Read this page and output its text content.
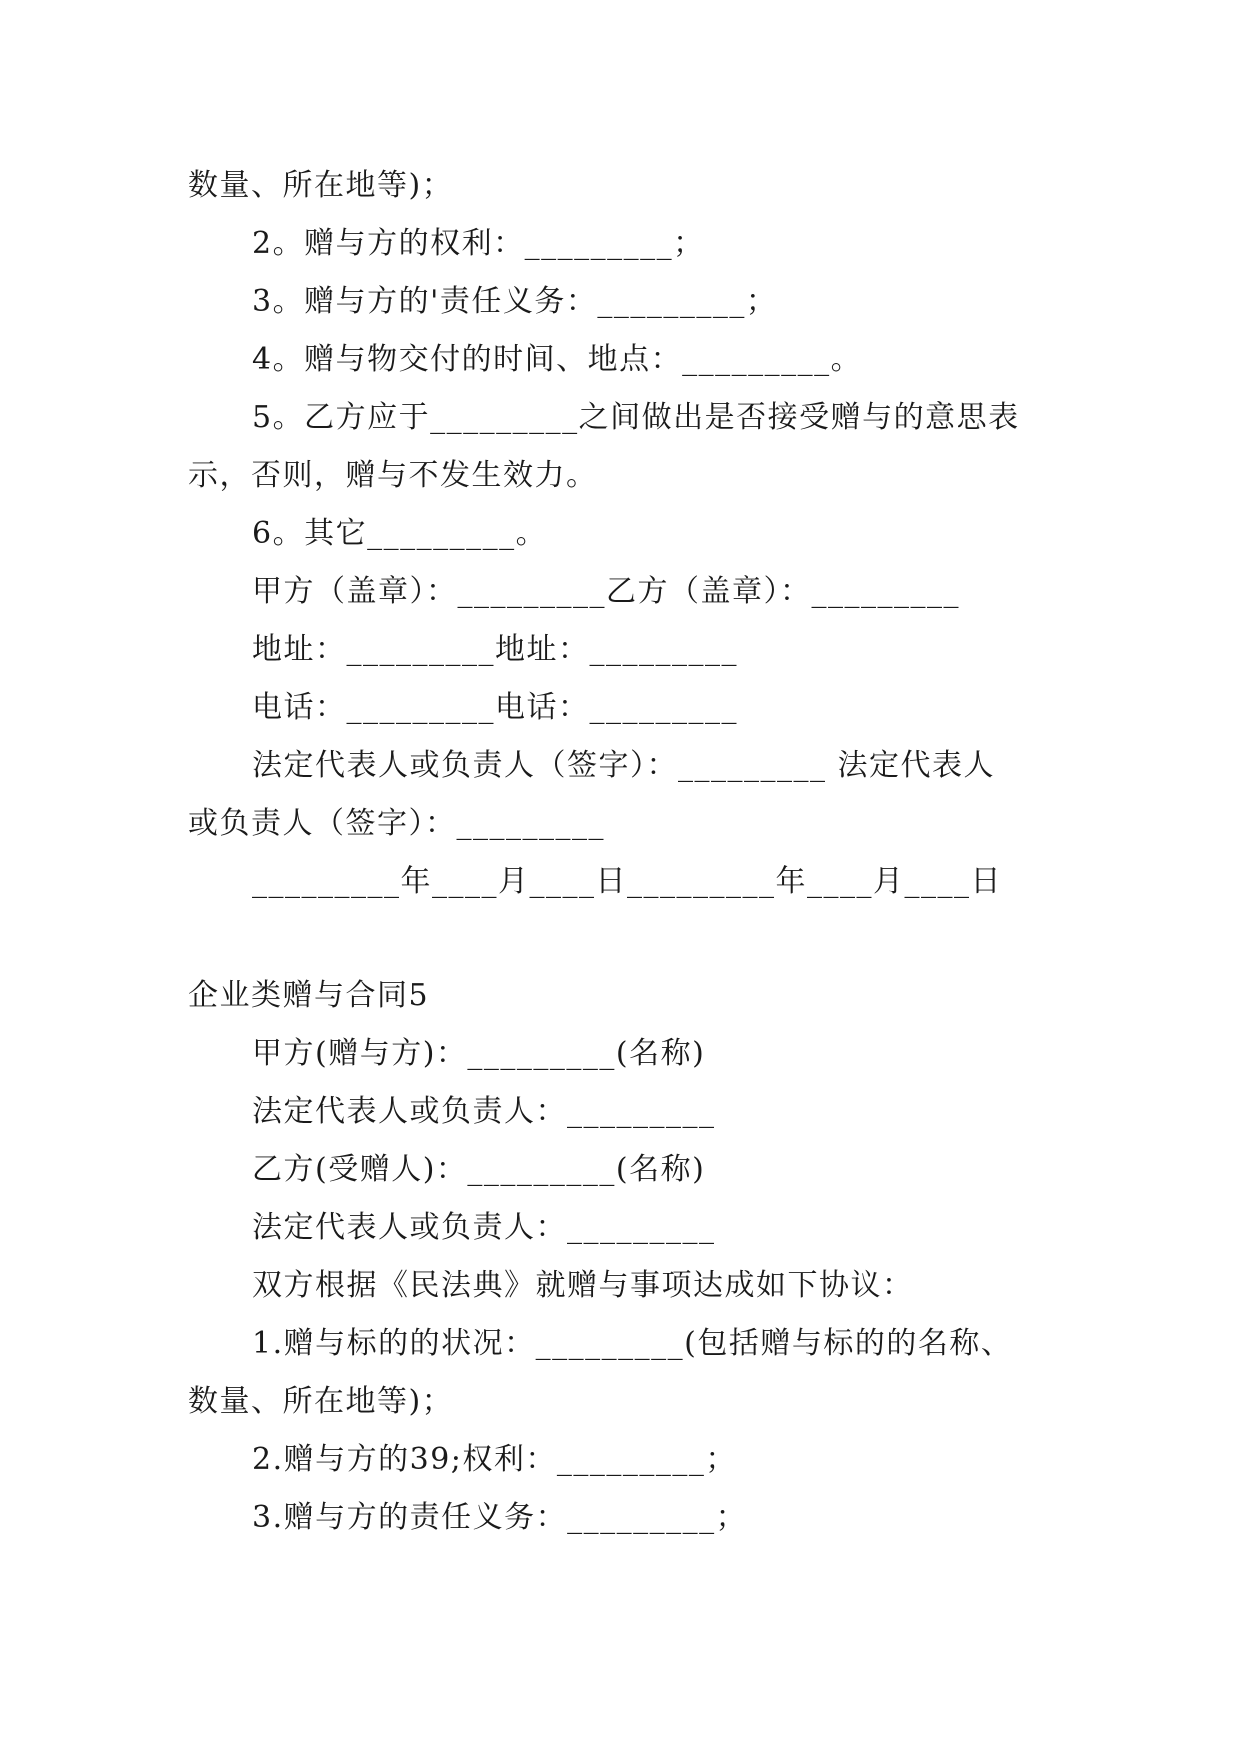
数量、所在地等)；
2。赠与方的权利：_________；
3。赠与方的'责任义务：_________；
4。赠与物交付的时间、地点：_________。
5。乙方应于_________之间做出是否接受赠与的意思表
示，否则，赠与不发生效力。
6。其它_________。
甲方（盖章）：_________乙方（盖章）：_________
地址：_________地址：_________
电话：_________电话：_________
法定代表人或负责人（签字）：_________ 法定代表人
或负责人（签字）：_________
_________年____月____日_________年____月____日
企业类赠与合同5
甲方(赠与方)：_________(名称)
法定代表人或负责人：_________
乙方(受赠人)：_________(名称)
法定代表人或负责人：_________
双方根据《民法典》就赠与事项达成如下协议：
1.赠与标的的状况：_________(包括赠与标的的名称、
数量、所在地等)；
2.赠与方的39;权利：_________；
3.赠与方的责任义务：_________；
